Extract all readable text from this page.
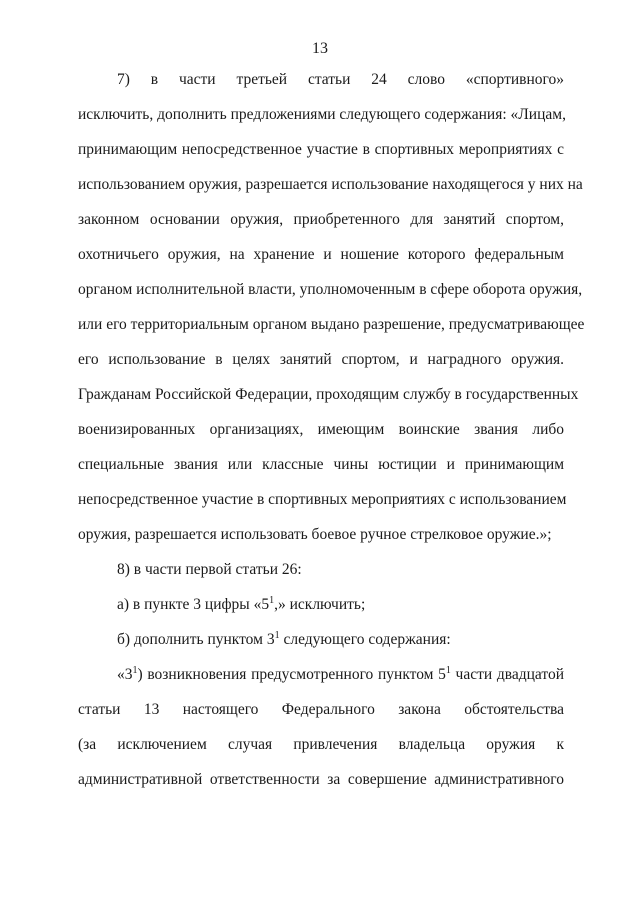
13
7) в части третьей статьи 24 слово «спортивного»
исключить, дополнить предложениями следующего содержания: «Лицам,
принимающим непосредственное участие в спортивных мероприятиях с
использованием оружия, разрешается использование находящегося у них на
законном основании оружия, приобретенного для занятий спортом,
охотничьего оружия, на хранение и ношение которого федеральным
органом исполнительной власти, уполномоченным в сфере оборота оружия,
или его территориальным органом выдано разрешение, предусматривающее
его использование в целях занятий спортом, и наградного оружия.
Гражданам Российской Федерации, проходящим службу в государственных
военизированных организациях, имеющим воинские звания либо
специальные звания или классные чины юстиции и принимающим
непосредственное участие в спортивных мероприятиях с использованием
оружия, разрешается использовать боевое ручное стрелковое оружие.»;
8) в части первой статьи 26:
а) в пункте 3 цифры «$5^1$,» исключить;
б) дополнить пунктом $3^1$ следующего содержания:
«$3^1$) возникновения предусмотренного пунктом $5^1$ части двадцатой
статьи 13 настоящего Федерального закона обстоятельства
(за исключением случая привлечения владельца оружия к
административной ответственности за совершение административного
